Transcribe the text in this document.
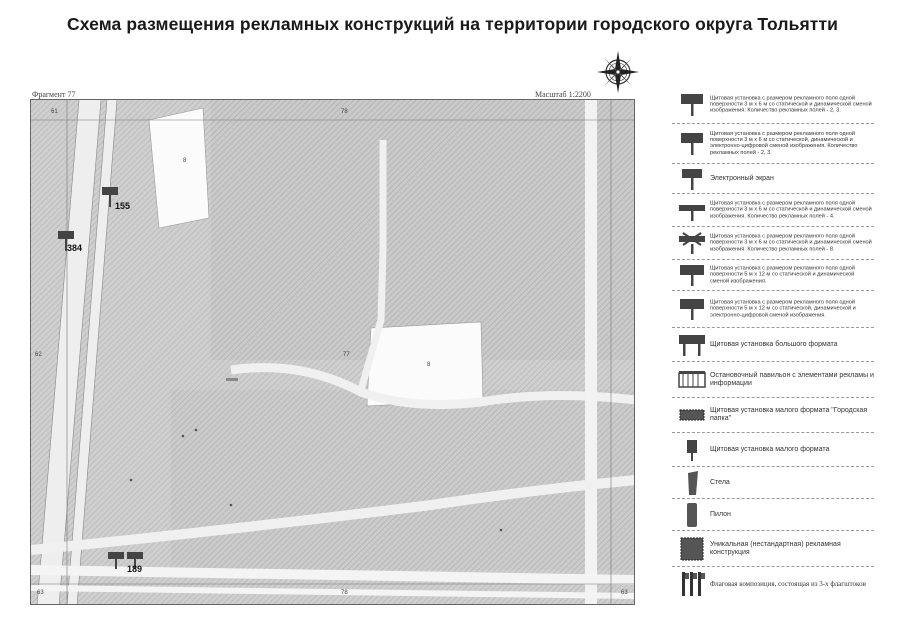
Схема размещения рекламных конструкций на территории городского округа Тольятти
Фрагмент 77	Масштаб 1:2200
61	78
62
63	78	63
8
77
8
155
384
189
Щитовая установка с размером рекламного поля одной поверхности 3 м х 6 м со статической и динамической сменой изображения. Количество рекламных полей - 2, 3.
Щитовая установка с размером рекламного поля одной поверхности 3 м х 6 м со статической, динамической и электронно-цифровой сменой изображения. Количество рекламных полей - 2, 3.
Электронный экран
Щитовая установка с размером рекламного поля одной поверхности 3 м х 6 м со статической и динамической сменой изображения. Количество рекламных полей - 4.
Щитовая установка с размером рекламного поля одной поверхности 3 м х 6 м со статической и динамической сменой изображения. Количество рекламных полей - 8.
Щитовая установка с размером рекламного поля одной поверхности 5 м х 12 м со статической и динамической сменой изображения.
Щитовая установка с размером рекламного поля одной поверхности 5 м х 12 м со статической, динамической и электронно-цифровой сменой изображения.
Щитовая установка большого формата
Остановочный павильон с элементами рекламы и информации
Щитовая установка малого формата "Городская папка"
Щитовая установка малого формата
Стела
Пилон
Уникальная (нестандартная) рекламная конструкция
Флаговая композиция, состоящая из 3-х флагштоков
